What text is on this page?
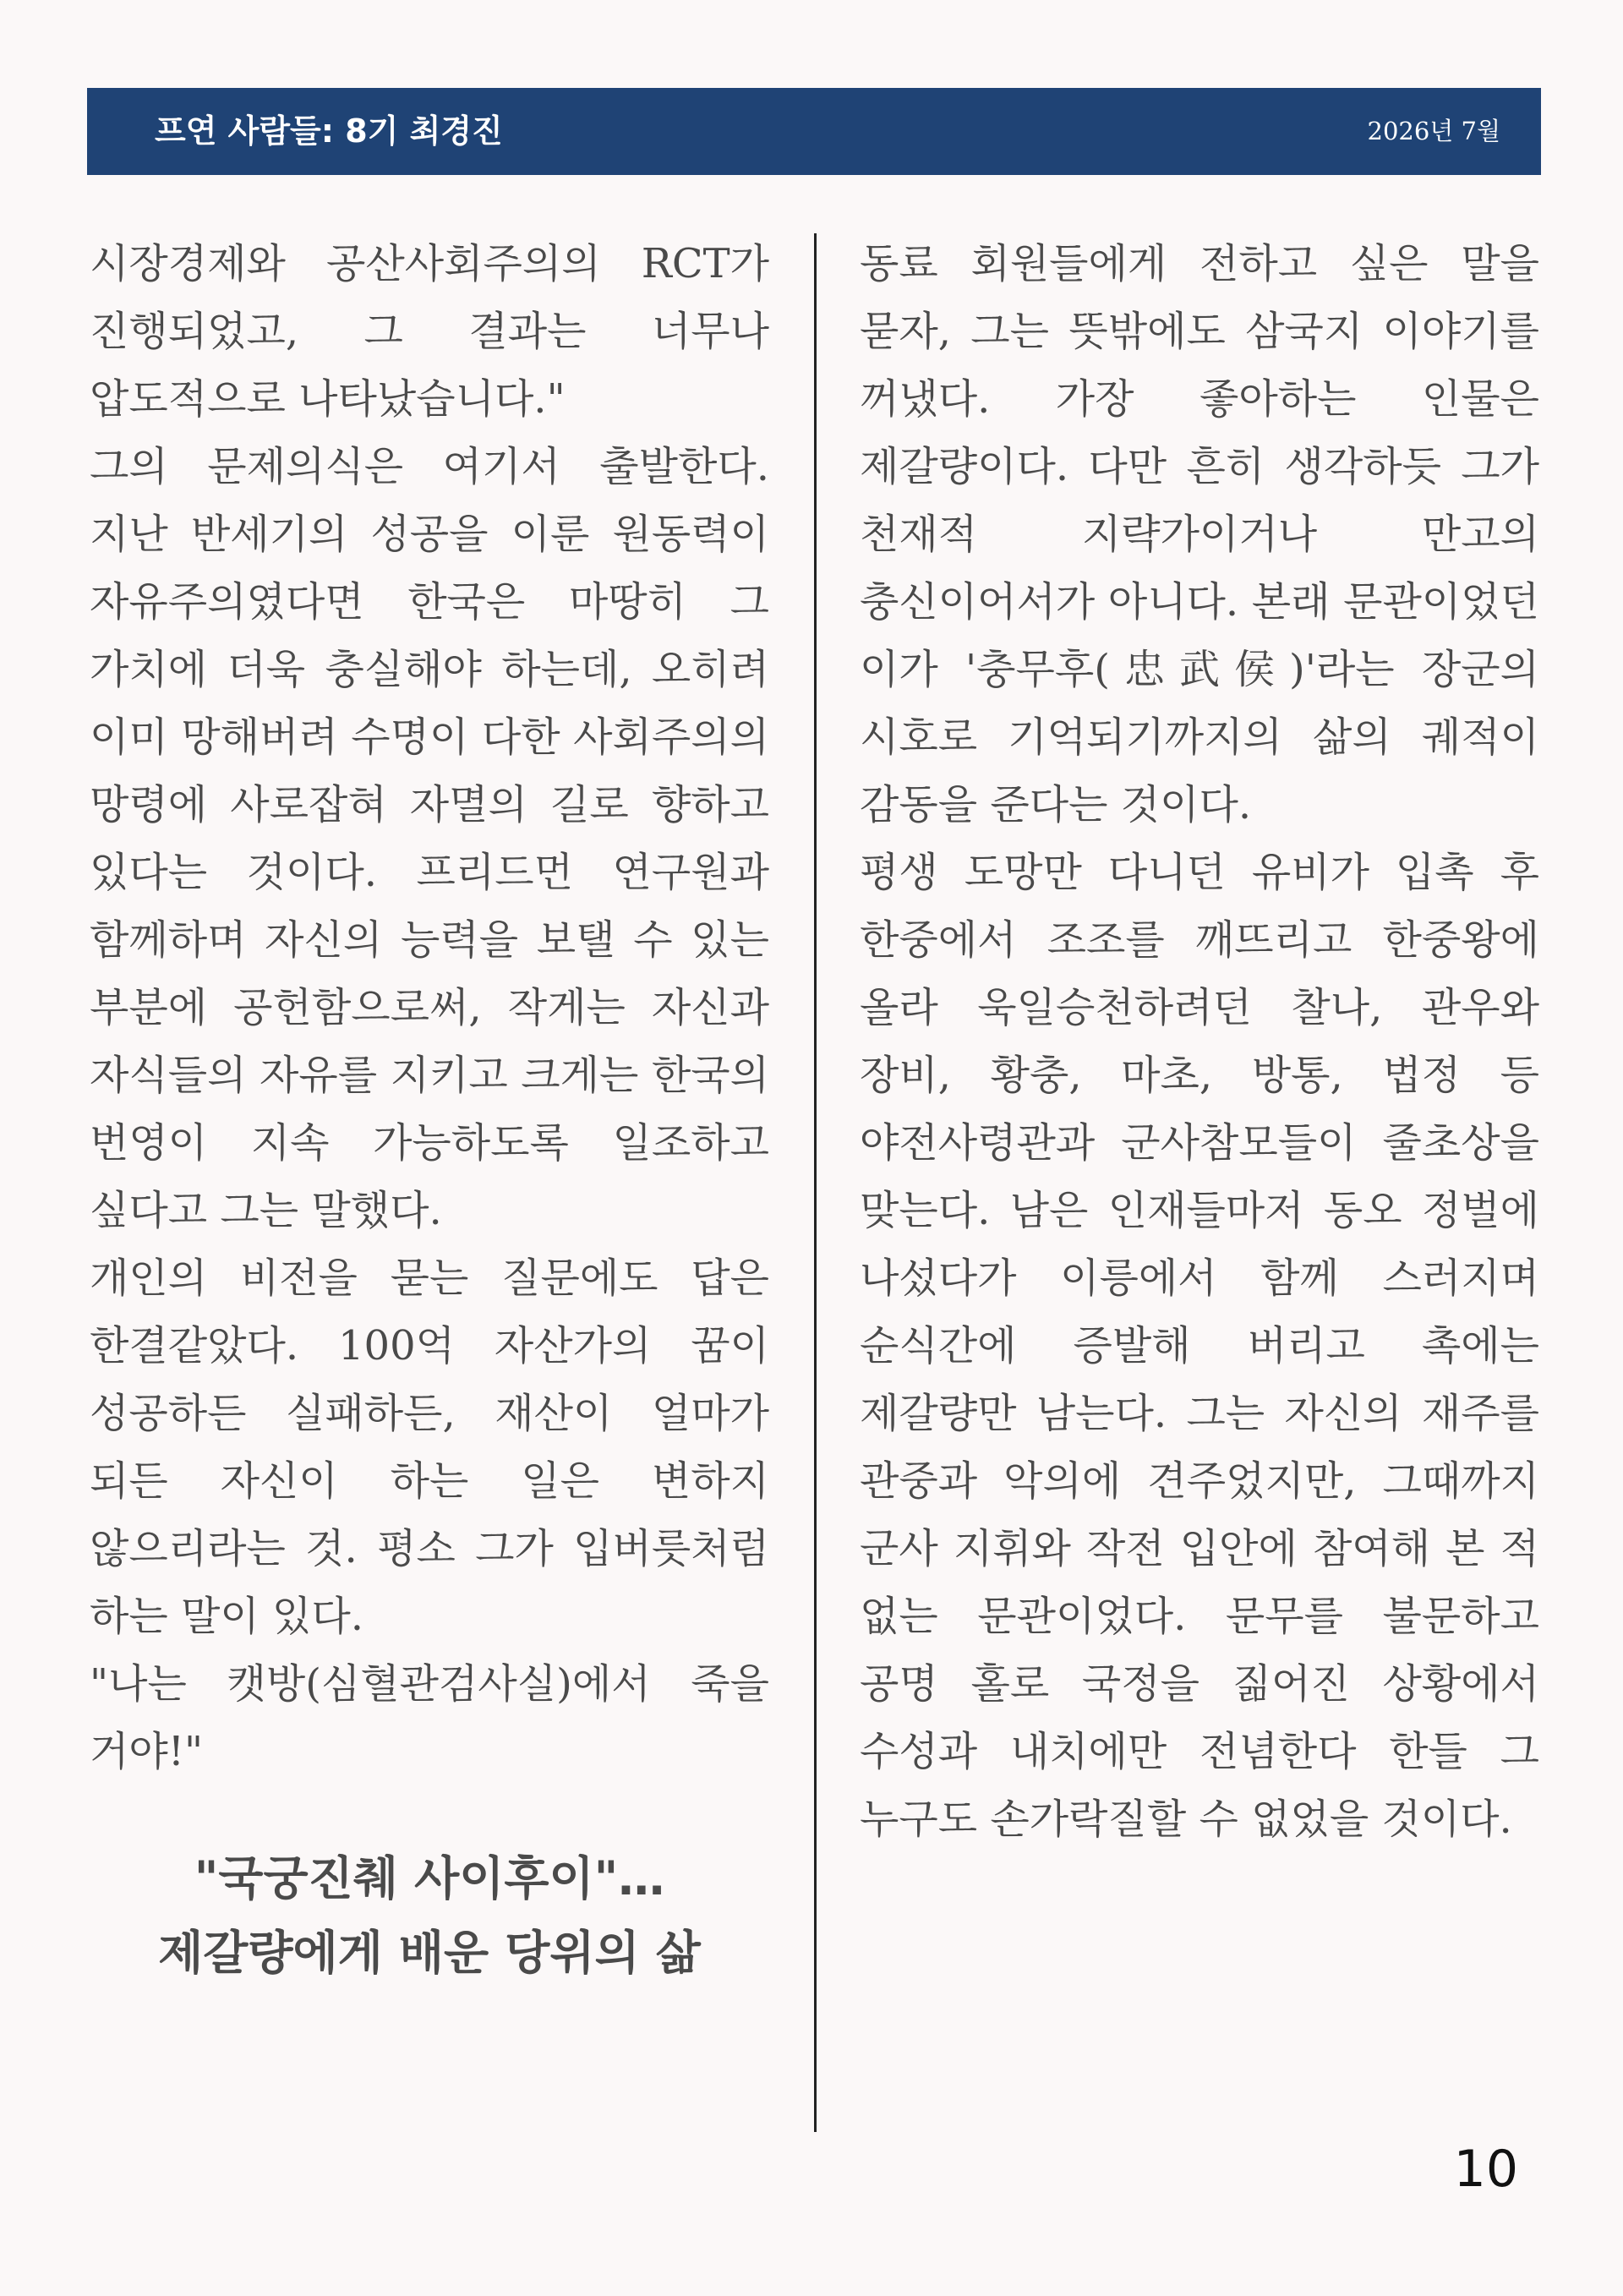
프연 사람들: 8기 최경진	2026년 7월

시장경제와 공산사회주의의 RCT가 진행되었고, 그 결과는 너무나 압도적으로 나타났습니다."

그의 문제의식은 여기서 출발한다. 지난 반세기의 성공을 이룬 원동력이 자유주의였다면 한국은 마땅히 그 가치에 더욱 충실해야 하는데, 오히려 이미 망해버려 수명이 다한 사회주의의 망령에 사로잡혀 자멸의 길로 향하고 있다는 것이다. 프리드먼 연구원과 함께하며 자신의 능력을 보탤 수 있는 부분에 공헌함으로써, 작게는 자신과 자식들의 자유를 지키고 크게는 한국의 번영이 지속 가능하도록 일조하고 싶다고 그는 말했다.

개인의 비전을 묻는 질문에도 답은 한결같았다. 100억 자산가의 꿈이 성공하든 실패하든, 재산이 얼마가 되든 자신이 하는 일은 변하지 않으리라는 것. 평소 그가 입버릇처럼 하는 말이 있다.

"나는 캣방(심혈관검사실)에서 죽을 거야!"

"국궁진췌 사이후이"…
제갈량에게 배운 당위의 삶

동료 회원들에게 전하고 싶은 말을 묻자, 그는 뜻밖에도 삼국지 이야기를 꺼냈다. 가장 좋아하는 인물은 제갈량이다. 다만 흔히 생각하듯 그가 천재적 지략가이거나 만고의 충신이어서가 아니다. 본래 문관이었던 이가 '충무후(忠武侯)'라는 장군의 시호로 기억되기까지의 삶의 궤적이 감동을 준다는 것이다.

평생 도망만 다니던 유비가 입촉 후 한중에서 조조를 깨뜨리고 한중왕에 올라 욱일승천하려던 찰나, 관우와 장비, 황충, 마초, 방통, 법정 등 야전사령관과 군사참모들이 줄초상을 맞는다. 남은 인재들마저 동오 정벌에 나섰다가 이릉에서 함께 스러지며 순식간에 증발해 버리고 촉에는 제갈량만 남는다. 그는 자신의 재주를 관중과 악의에 견주었지만, 그때까지 군사 지휘와 작전 입안에 참여해 본 적 없는 문관이었다. 문무를 불문하고 공명 홀로 국정을 짊어진 상황에서 수성과 내치에만 전념한다 한들 그 누구도 손가락질할 수 없었을 것이다.

10
